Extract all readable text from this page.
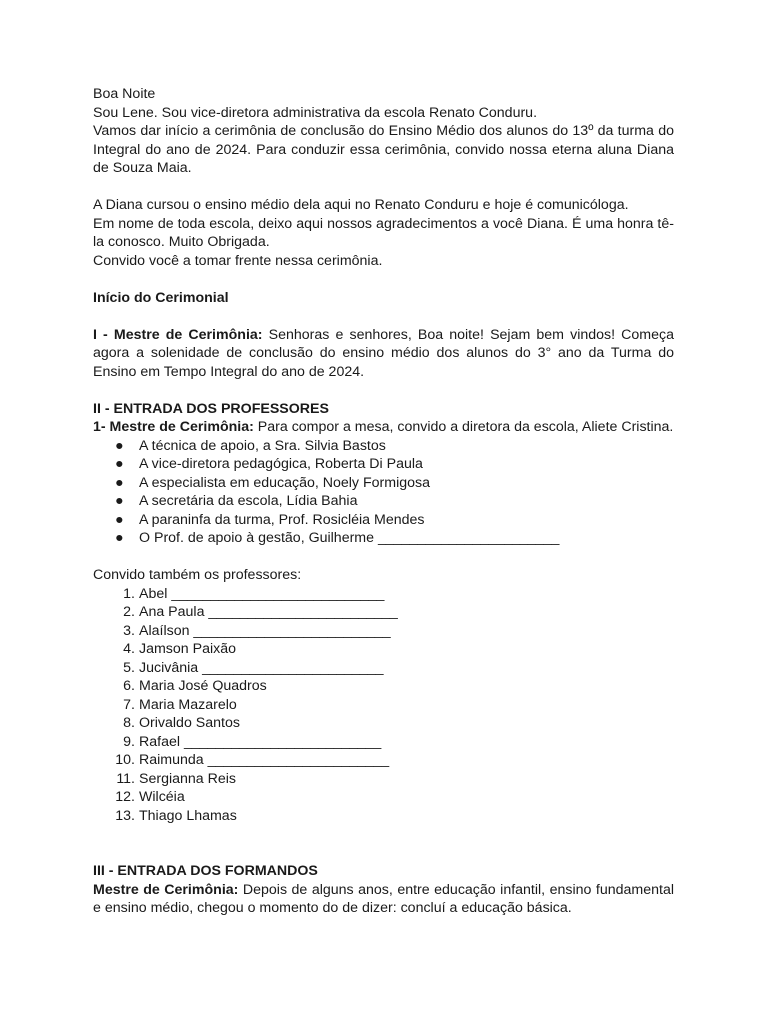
Boa Noite

Sou Lene. Sou vice-diretora administrativa da escola Renato Conduru.

Vamos dar início a cerimônia de conclusão do Ensino Médio dos alunos do 13º da turma do Integral do ano de 2024. Para conduzir essa cerimônia, convido nossa eterna aluna Diana de Souza Maia.

A Diana cursou o ensino médio dela aqui no Renato Conduru e hoje é comunicóloga.

Em nome de toda escola, deixo aqui nossos agradecimentos a você Diana. É uma honra tê-la conosco. Muito Obrigada.

Convido você a tomar frente nessa cerimônia.

Início do Cerimonial

I - Mestre de Cerimônia: Senhoras e senhores, Boa noite! Sejam bem vindos! Começa agora a solenidade de conclusão do ensino médio dos alunos do 3° ano da Turma do Ensino em Tempo Integral do ano de 2024.

II - ENTRADA DOS PROFESSORES

1- Mestre de Cerimônia: Para compor a mesa, convido a diretora da escola, Aliete Cristina.

● A técnica de apoio, a Sra. Silvia Bastos
● A vice-diretora pedagógica, Roberta Di Paula
● A especialista em educação, Noely Formigosa
● A secretária da escola, Lídia Bahia
● A paraninfa da turma, Prof. Rosicléia Mendes
● O Prof. de apoio à gestão, Guilherme _______________________

Convido também os professores:

1. Abel ___________________________
2. Ana Paula ________________________
3. Alaílson _________________________
4. Jamson Paixão
5. Jucivânia _______________________
6. Maria José Quadros
7. Maria Mazarelo
8. Orivaldo Santos
9. Rafael _________________________
10. Raimunda _______________________
11. Sergianna Reis
12. Wilcéia
13. Thiago Lhamas

III - ENTRADA DOS FORMANDOS

Mestre de Cerimônia: Depois de alguns anos, entre educação infantil, ensino fundamental e ensino médio, chegou o momento do de dizer: concluí a educação básica.
